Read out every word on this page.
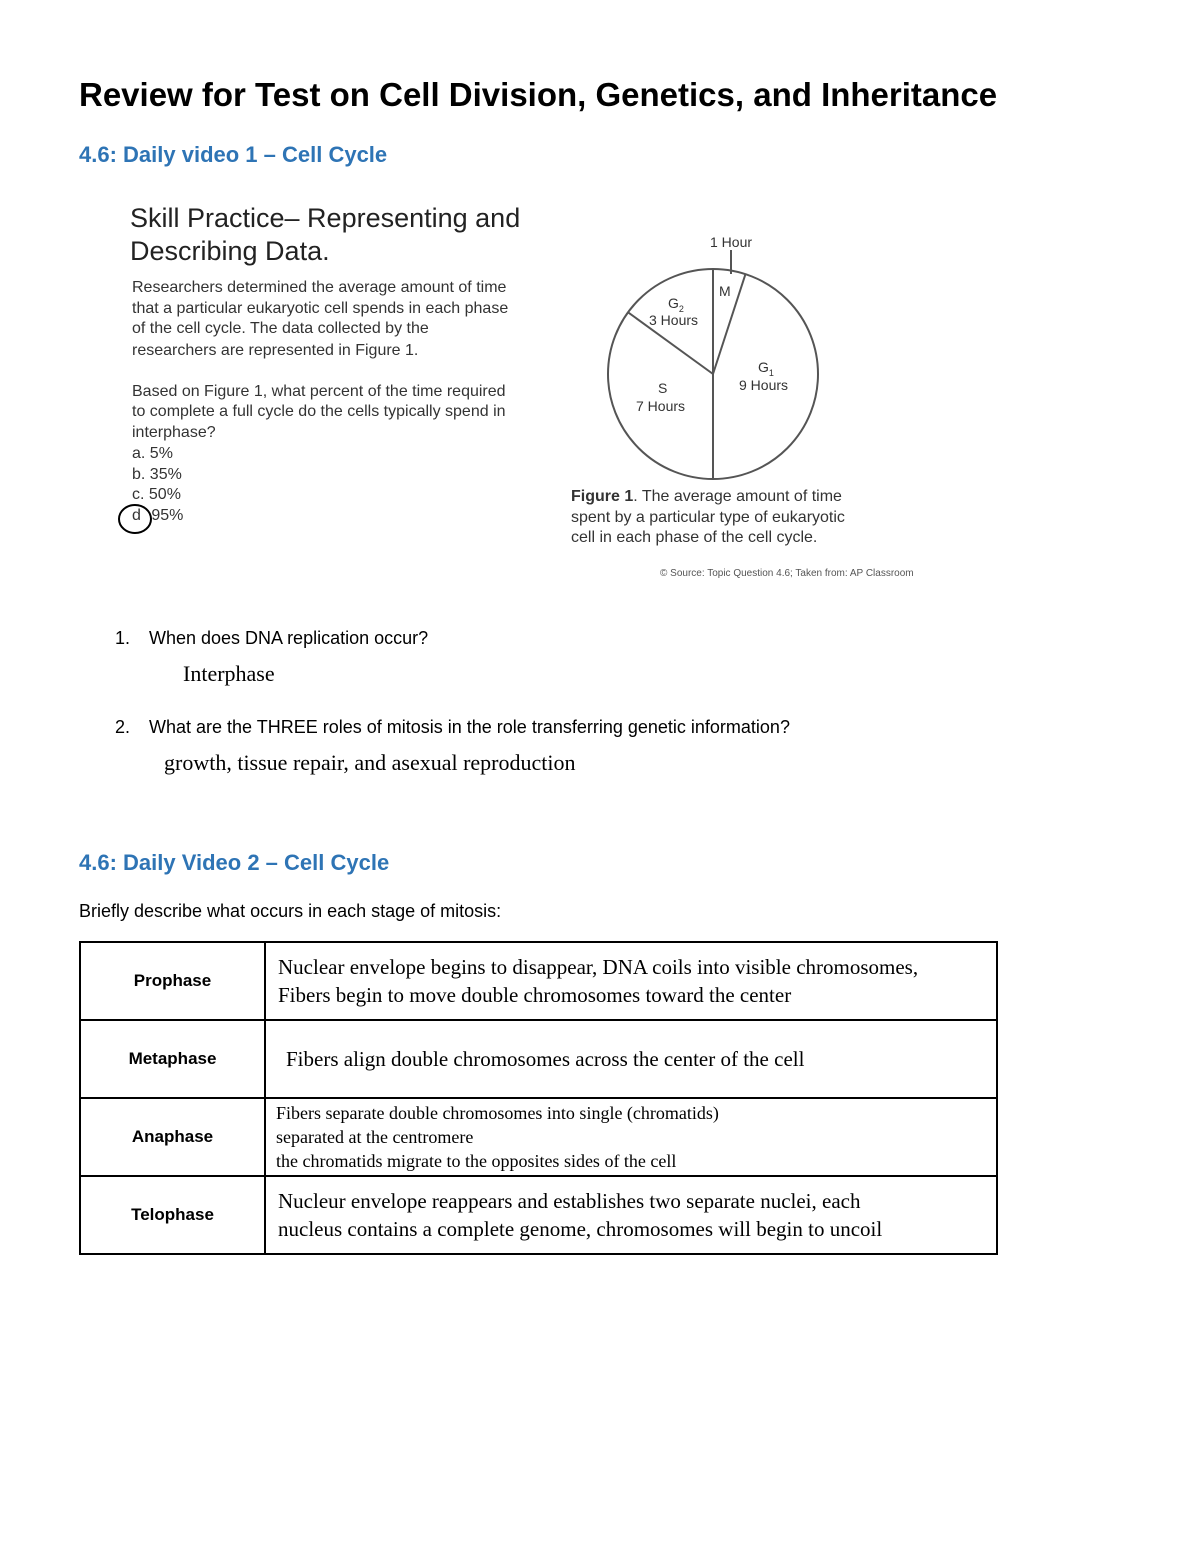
Review for Test on Cell Division, Genetics, and Inheritance
4.6: Daily video 1 – Cell Cycle
Skill Practice– Representing and
Describing Data.
Researchers determined the average amount of time
that a particular eukaryotic cell spends in each phase
of the cell cycle. The data collected by the
researchers are represented in Figure 1.
Based on Figure 1, what percent of the time required
to complete a full cycle do the cells typically spend in
interphase?
a. 5%
b. 35%
c. 50%
d 95%
1 Hour
M
$G_2$
3 Hours
$G_1$
9 Hours
S
7 Hours
Figure 1. The average amount of time
spent by a particular type of eukaryotic
cell in each phase of the cell cycle.
© Source: Topic Question 4.6; Taken from: AP Classroom
1. When does DNA replication occur?
Interphase
2. What are the THREE roles of mitosis in the role transferring genetic information?
growth, tissue repair, and asexual reproduction
4.6: Daily Video 2 – Cell Cycle
Briefly describe what occurs in each stage of mitosis:
Prophase	Nuclear envelope begins to disappear, DNA coils into visible chromosomes,
Fibers begin to move double chromosomes toward the center

Metaphase	Fibers align double chromosomes across the center of the cell

Anaphase	Fibers separate double chromosomes into single (chromatids)
separated at the centromere
the chromatids migrate to the opposites sides of the cell

Telophase	Nucleur envelope reappears and establishes two separate nuclei, each
nucleus contains a complete genome, chromosomes will begin to uncoil
